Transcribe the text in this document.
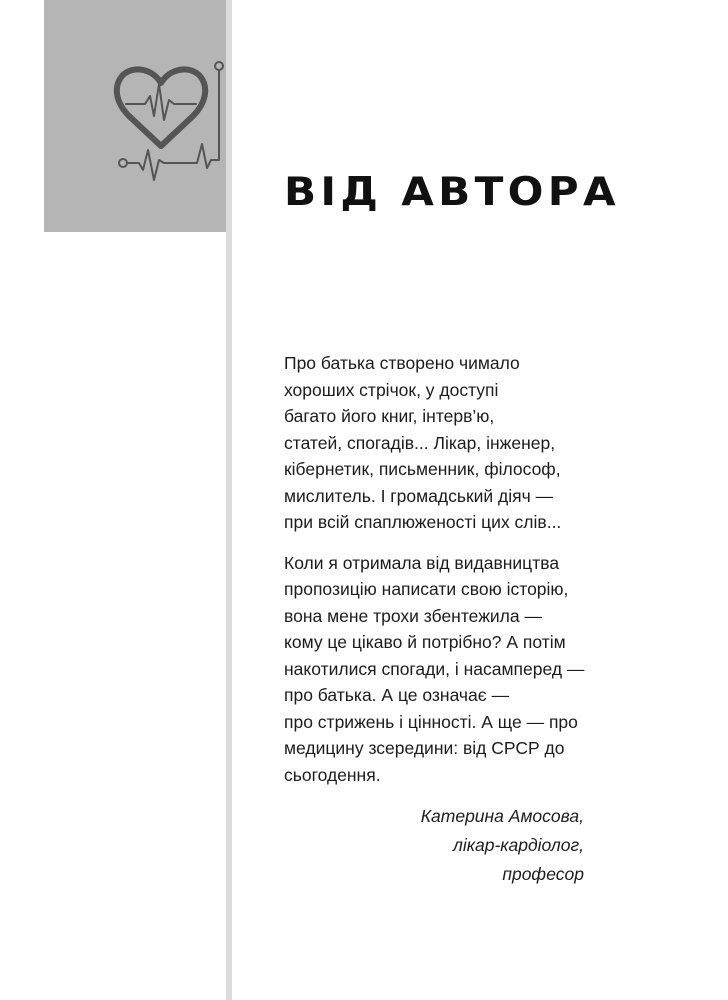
ВІД АВТОРА

Про батька створено чимало
хороших стрічок, у доступі
багато його книг, інтерв’ю,
статей, спогадів... Лікар, інженер,
кібернетик, письменник, філософ,
мислитель. І громадський діяч —
при всій спаплюженості цих слів...

Коли я отримала від видавництва
пропозицію написати свою історію,
вона мене трохи збентежила —
кому це цікаво й потрібно? А потім
накотилися спогади, і насамперед —
про батька. А це означає —
про стрижень і цінності. А ще — про
медицину зсередини: від СРСР до
сьогодення.

Катерина Амосова,
лікар-кардіолог,
професор
